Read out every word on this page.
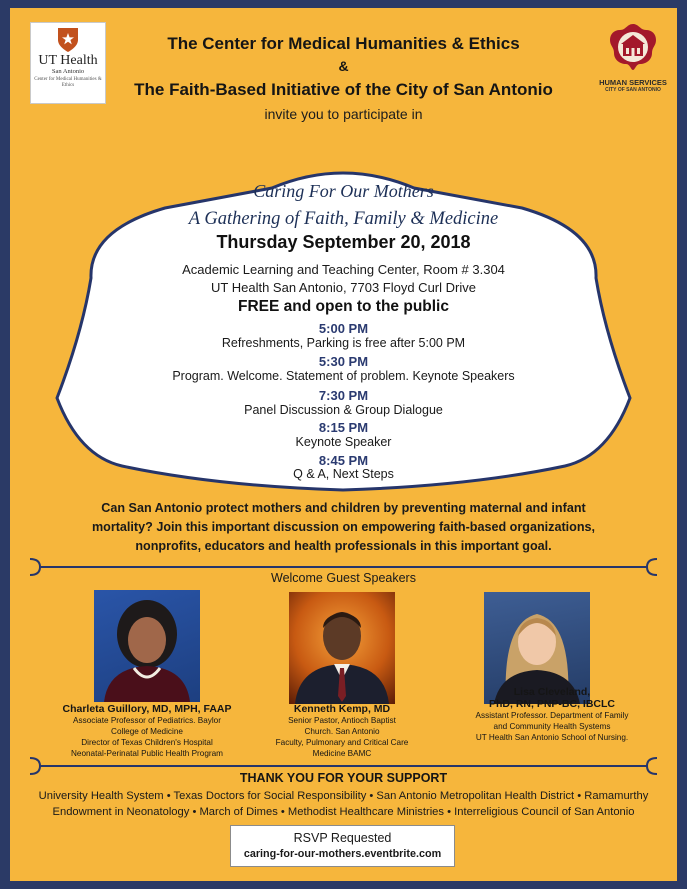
UT Health
San Antonio
Center for Medical Humanities & Ethics	HUMAN SERVICES
CITY OF SAN ANTONIO
The Center for Medical Humanities & Ethics
&
The Faith-Based Initiative of the City of San Antonio
invite you to participate in
Caring For Our Mothers
A Gathering of Faith, Family & Medicine
Thursday September 20, 2018
Academic Learning and Teaching Center, Room # 3.304
UT Health San Antonio, 7703 Floyd Curl Drive
FREE and open to the public
5:00 PM
Refreshments, Parking is free after 5:00 PM
5:30 PM
Program. Welcome. Statement of problem. Keynote Speakers
7:30 PM
Panel Discussion & Group Dialogue
8:15 PM
Keynote Speaker
8:45 PM
Q & A, Next Steps
Can San Antonio protect mothers and children by preventing maternal and infant
mortality? Join this important discussion on empowering faith-based organizations,
nonprofits, educators and health professionals in this important goal.
Welcome Guest Speakers
Charleta Guillory, MD, MPH, FAAP
Associate Professor of Pediatrics. Baylor
College of Medicine
Director of Texas Children's Hospital
Neonatal-Perinatal Public Health Program
Kenneth Kemp, MD
Senior Pastor, Antioch Baptist
Church. San Antonio
Faculty, Pulmonary and Critical Care
Medicine BAMC
Lisa Cleveland,
PhD, RN, PNP-BC, IBCLC
Assistant Professor. Department of Family
and Community Health Systems
UT Health San Antonio School of Nursing.
THANK YOU FOR YOUR SUPPORT
University Health System • Texas Doctors for Social Responsibility • San Antonio Metropolitan Health District • Ramamurthy
Endowment in Neonatology • March of Dimes • Methodist Healthcare Ministries • Interreligious Council of San Antonio
RSVP Requested
caring-for-our-mothers.eventbrite.com
